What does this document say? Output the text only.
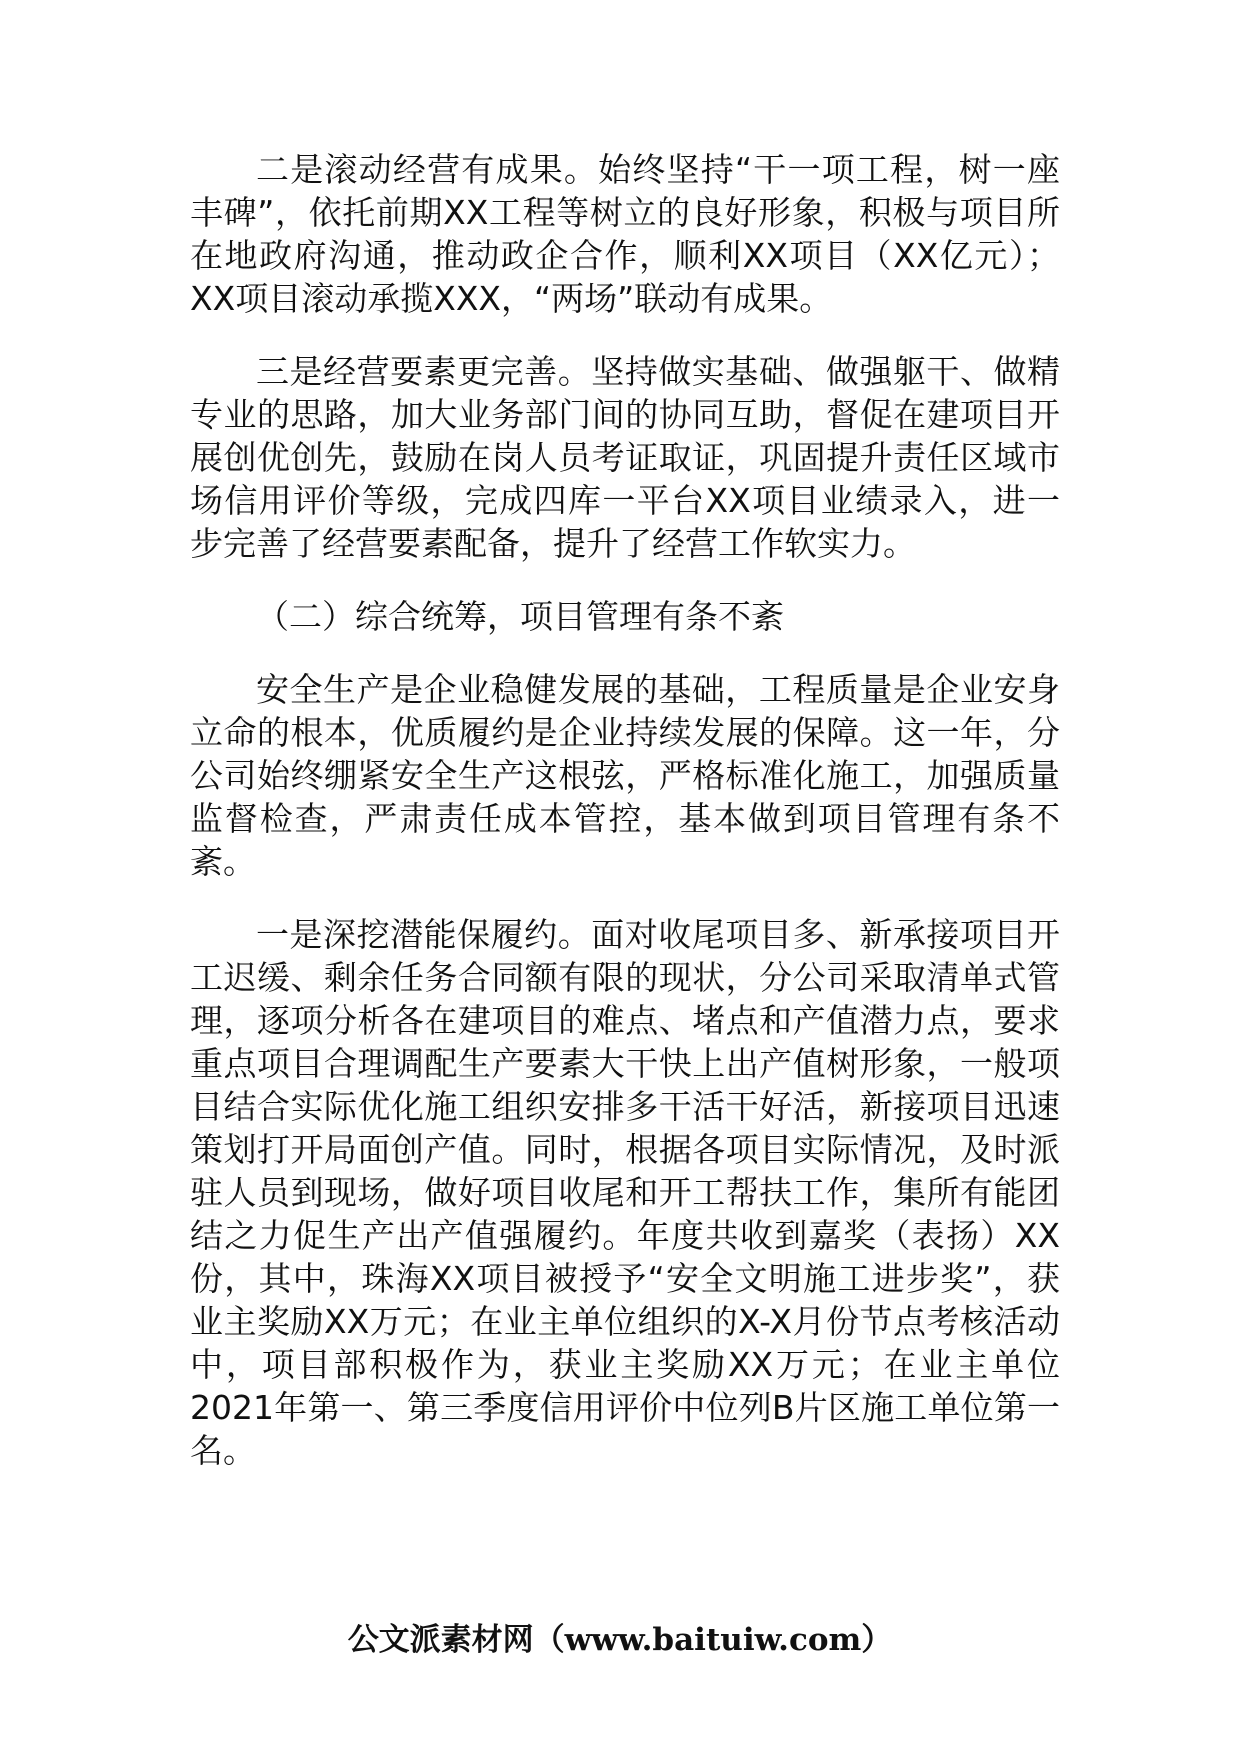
二是滚动经营有成果。始终坚持“干一项工程，树一座丰碑”，依托前期XX工程等树立的良好形象，积极与项目所在地政府沟通，推动政企合作，顺利XX项目（XX亿元）；XX项目滚动承揽XXX，“两场”联动有成果。

三是经营要素更完善。坚持做实基础、做强躯干、做精专业的思路，加大业务部门间的协同互助，督促在建项目开展创优创先，鼓励在岗人员考证取证，巩固提升责任区域市场信用评价等级，完成四库一平台XX项目业绩录入，进一步完善了经营要素配备，提升了经营工作软实力。

（二）综合统筹，项目管理有条不紊

安全生产是企业稳健发展的基础，工程质量是企业安身立命的根本，优质履约是企业持续发展的保障。这一年，分公司始终绷紧安全生产这根弦，严格标准化施工，加强质量监督检查，严肃责任成本管控，基本做到项目管理有条不紊。

一是深挖潜能保履约。面对收尾项目多、新承接项目开工迟缓、剩余任务合同额有限的现状，分公司采取清单式管理，逐项分析各在建项目的难点、堵点和产值潜力点，要求重点项目合理调配生产要素大干快上出产值树形象，一般项目结合实际优化施工组织安排多干活干好活，新接项目迅速策划打开局面创产值。同时，根据各项目实际情况，及时派驻人员到现场，做好项目收尾和开工帮扶工作，集所有能团结之力促生产出产值强履约。年度共收到嘉奖（表扬）XX份，其中，珠海XX项目被授予“安全文明施工进步奖”，获业主奖励XX万元；在业主单位组织的X-X月份节点考核活动中，项目部积极作为，获业主奖励XX万元；在业主单位2021年第一、第三季度信用评价中位列B片区施工单位第一名。

公文派素材网（www.baituiw.com）
